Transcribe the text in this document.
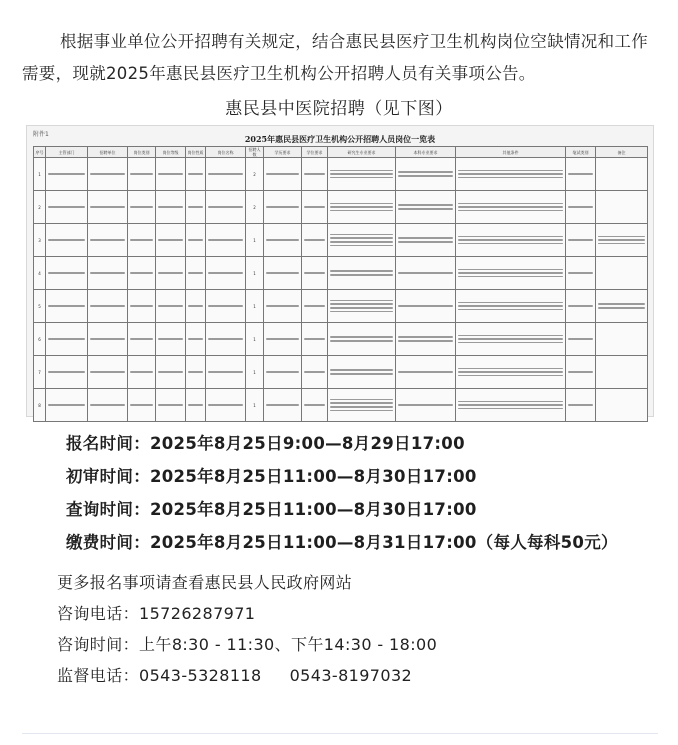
根据事业单位公开招聘有关规定，结合惠民县医疗卫生机构岗位空缺情况和工作需要，现就2025年惠民县医疗卫生机构公开招聘人员有关事项公告。

惠民县中医院招聘（见下图）
附件1	2025年惠民县医疗卫生机构公开招聘人员岗位一览表
序号	主管部门	招聘单位	岗位类别	岗位等级	岗位性质	岗位名称	招聘人数	学历要求	学位要求	研究生专业要求	本科专业要求	其他条件	笔试类别	备注
1							2	

2							2	

3							1	

4							1	

5							1	

6							1	

7							1	

8							1	

报名时间：2025年8月25日9:00—8月29日17:00
初审时间：2025年8月25日11:00—8月30日17:00
查询时间：2025年8月25日11:00—8月30日17:00
缴费时间：2025年8月25日11:00—8月31日17:00（每人每科50元）
更多报名事项请查看惠民县人民政府网站
咨询电话：15726287971
咨询时间：上午8:30 - 11:30、下午14:30 - 18:00
监督电话：0543-5328118 0543-8197032
